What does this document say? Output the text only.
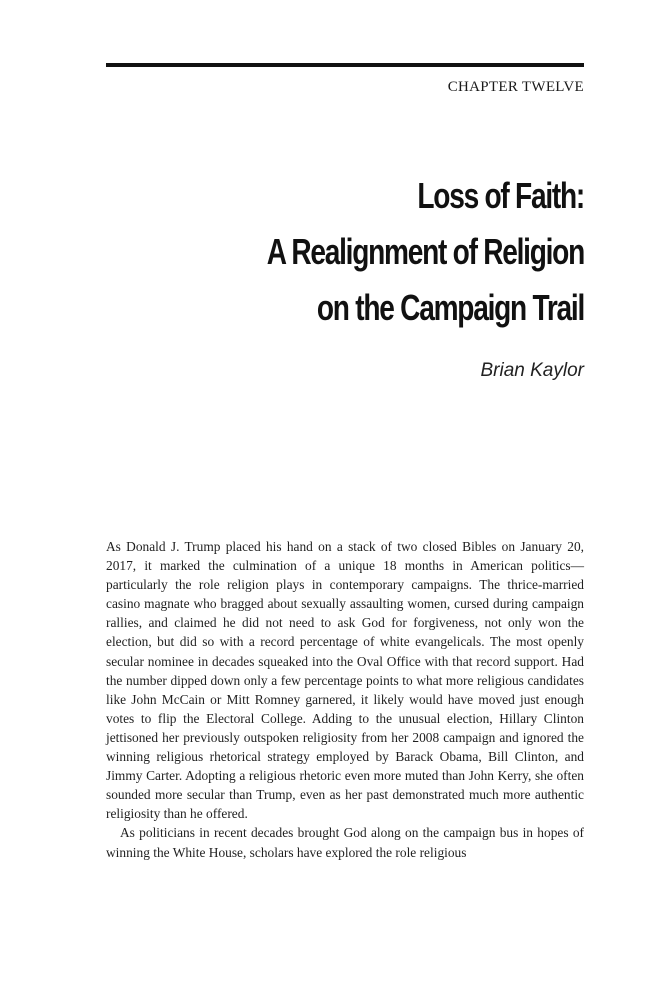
CHAPTER TWELVE
Loss of Faith:
A Realignment of Religion
on the Campaign Trail
Brian Kaylor

As Donald J. Trump placed his hand on a stack of two closed Bibles on January 20, 2017, it marked the culmination of a unique 18 months in American politics—particularly the role religion plays in contemporary campaigns. The thrice-married casino magnate who bragged about sexually assaulting women, cursed during campaign rallies, and claimed he did not need to ask God for forgiveness, not only won the election, but did so with a record percentage of white evangelicals. The most openly secular nominee in decades squeaked into the Oval Office with that record support. Had the number dipped down only a few percentage points to what more religious candidates like John McCain or Mitt Romney garnered, it likely would have moved just enough votes to flip the Electoral College. Adding to the unusual election, Hillary Clinton jettisoned her previously outspoken religiosity from her 2008 campaign and ignored the winning religious rhetorical strategy employed by Barack Obama, Bill Clinton, and Jimmy Carter. Adopting a religious rhetoric even more muted than John Kerry, she often sounded more secular than Trump, even as her past demonstrated much more authentic religiosity than he offered.

As politicians in recent decades brought God along on the campaign bus in hopes of winning the White House, scholars have explored the role religious
